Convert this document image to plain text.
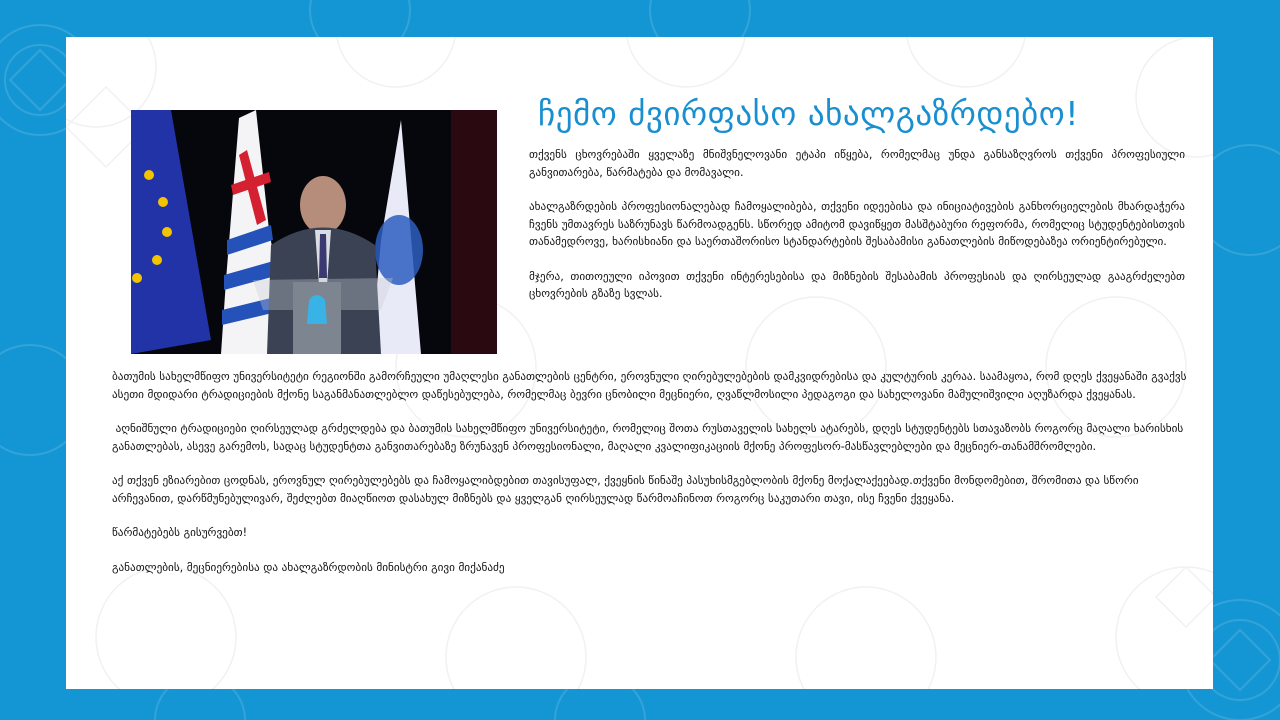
ჩემო ძვირფასო ახალგაზრდებო!

თქვენს ცხოვრებაში ყველაზე მნიშვნელოვანი ეტაპი იწყება, რომელმაც უნდა განსაზღვროს თქვენი პროფესიული განვითარება, წარმატება და მომავალი.

ახალგაზრდების პროფესიონალებად ჩამოყალიბება, თქვენი იდეებისა და ინიციატივების განხორციელების მხარდაჭერა ჩვენს უმთავრეს საზრუნავს წარმოადგენს. სწორედ ამიტომ დავიწყეთ მასშტაბური რეფორმა, რომელიც სტუდენტებისთვის თანამედროვე, ხარისხიანი და საერთაშორისო სტანდარტების შესაბამისი განათლების მიწოდებაზეა ორიენტირებული.

მჯერა, თითოეული იპოვით თქვენი ინტერესებისა და მიზნების შესაბამის პროფესიას და ღირსეულად გააგრძელებთ ცხოვრების გზაზე სვლას.

ბათუმის სახელმწიფო უნივერსიტეტი რეგიონში გამორჩეული უმაღლესი განათლების ცენტრი, ეროვნული ღირებულებების დამკვიდრებისა და კულტურის კერაა. საამაყოა, რომ დღეს ქვეყანაში გვაქვს ასეთი მდიდარი ტრადიციების მქონე საგანმანათლებლო დაწესებულება, რომელმაც ბევრი ცნობილი მეცნიერი, ღვაწლმოსილი პედაგოგი და სახელოვანი მამულიშვილი აღუზარდა ქვეყანას.

აღნიშნული ტრადიციები ღირსეულად გრძელდება და ბათუმის სახელმწიფო უნივერსიტეტი, რომელიც შოთა რუსთაველის სახელს ატარებს, დღეს სტუდენტებს სთავაზობს როგორც მაღალი ხარისხის განათლებას, ასევე გარემოს, სადაც სტუდენტთა განვითარებაზე ზრუნავენ პროფესიონალი, მაღალი კვალიფიკაციის მქონე პროფესორ-მასწავლებლები და მეცნიერ-თანამშრომლები.

აქ თქვენ ეზიარებით ცოდნას, ეროვნულ ღირებულებებს და ჩამოყალიბდებით თავისუფალ, ქვეყნის წინაშე პასუხისმგებლობის მქონე მოქალაქეებად.თქვენი მონდომებით, შრომითა და სწორი არჩევანით, დარწმუნებულივარ, შეძლებთ მიაღწიოთ დასახულ მიზნებს და ყველგან ღირსეულად წარმოაჩინოთ როგორც საკუთარი თავი, ისე ჩვენი ქვეყანა.

წარმატებებს გისურვებთ!

განათლების, მეცნიერებისა და ახალგაზრდობის მინისტრი გივი მიქანაძე
